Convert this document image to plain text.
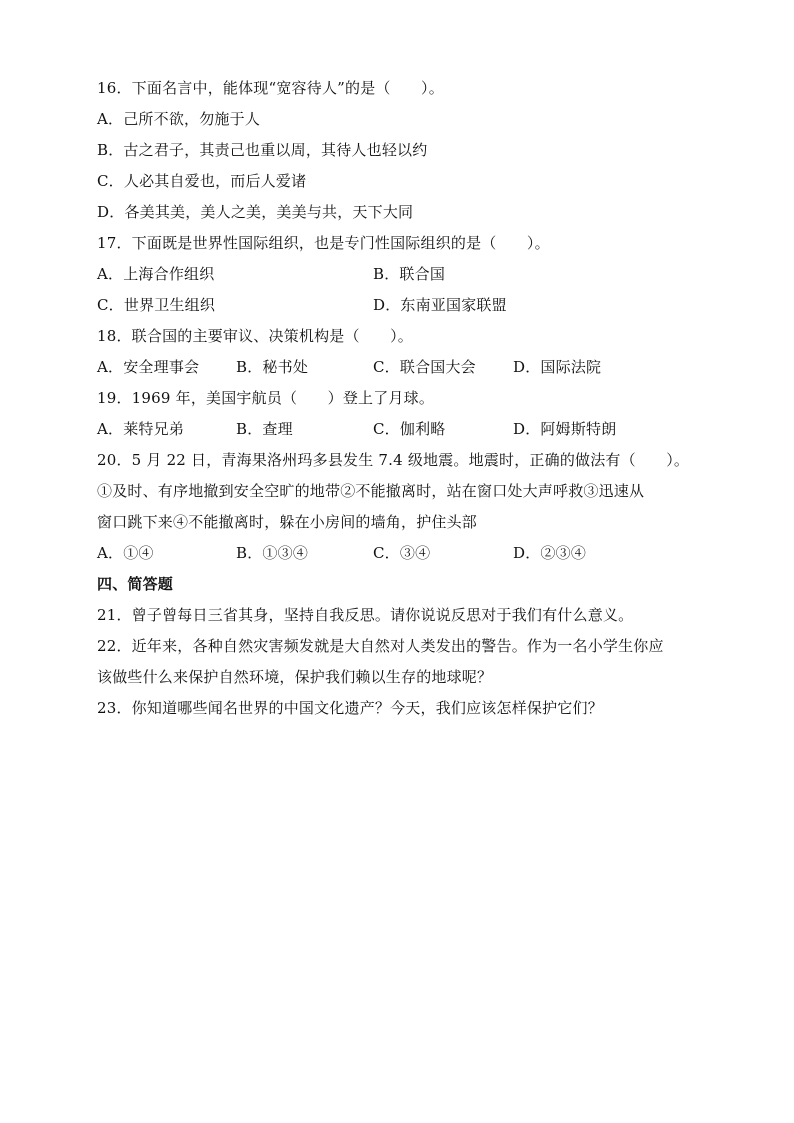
16．下面名言中，能体现“宽容待人”的是（　　）。
A．己所不欲，勿施于人
B．古之君子，其责己也重以周，其待人也轻以约
C．人必其自爱也，而后人爱诸
D．各美其美，美人之美，美美与共，天下大同
17．下面既是世界性国际组织，也是专门性国际组织的是（　　）。
A．上海合作组织	B．联合国
C．世界卫生组织	D．东南亚国家联盟
18．联合国的主要审议、决策机构是（　　）。
A．安全理事会	B．秘书处	C．联合国大会	D．国际法院
19．1969 年，美国宇航员（　　）登上了月球。
A．莱特兄弟	B．查理	C．伽利略	D．阿姆斯特朗
20．5 月 22 日，青海果洛州玛多县发生 7.4 级地震。地震时，正确的做法有（　　）。
①及时、有序地撤到安全空旷的地带②不能撤离时，站在窗口处大声呼救③迅速从
窗口跳下来④不能撤离时，躲在小房间的墙角，护住头部
A．①④	B．①③④	C．③④	D．②③④
四、简答题
21．曾子曾每日三省其身，坚持自我反思。请你说说反思对于我们有什么意义。
22．近年来，各种自然灾害频发就是大自然对人类发出的警告。作为一名小学生你应
该做些什么来保护自然环境，保护我们赖以生存的地球呢？
23．你知道哪些闻名世界的中国文化遗产？今天，我们应该怎样保护它们？
